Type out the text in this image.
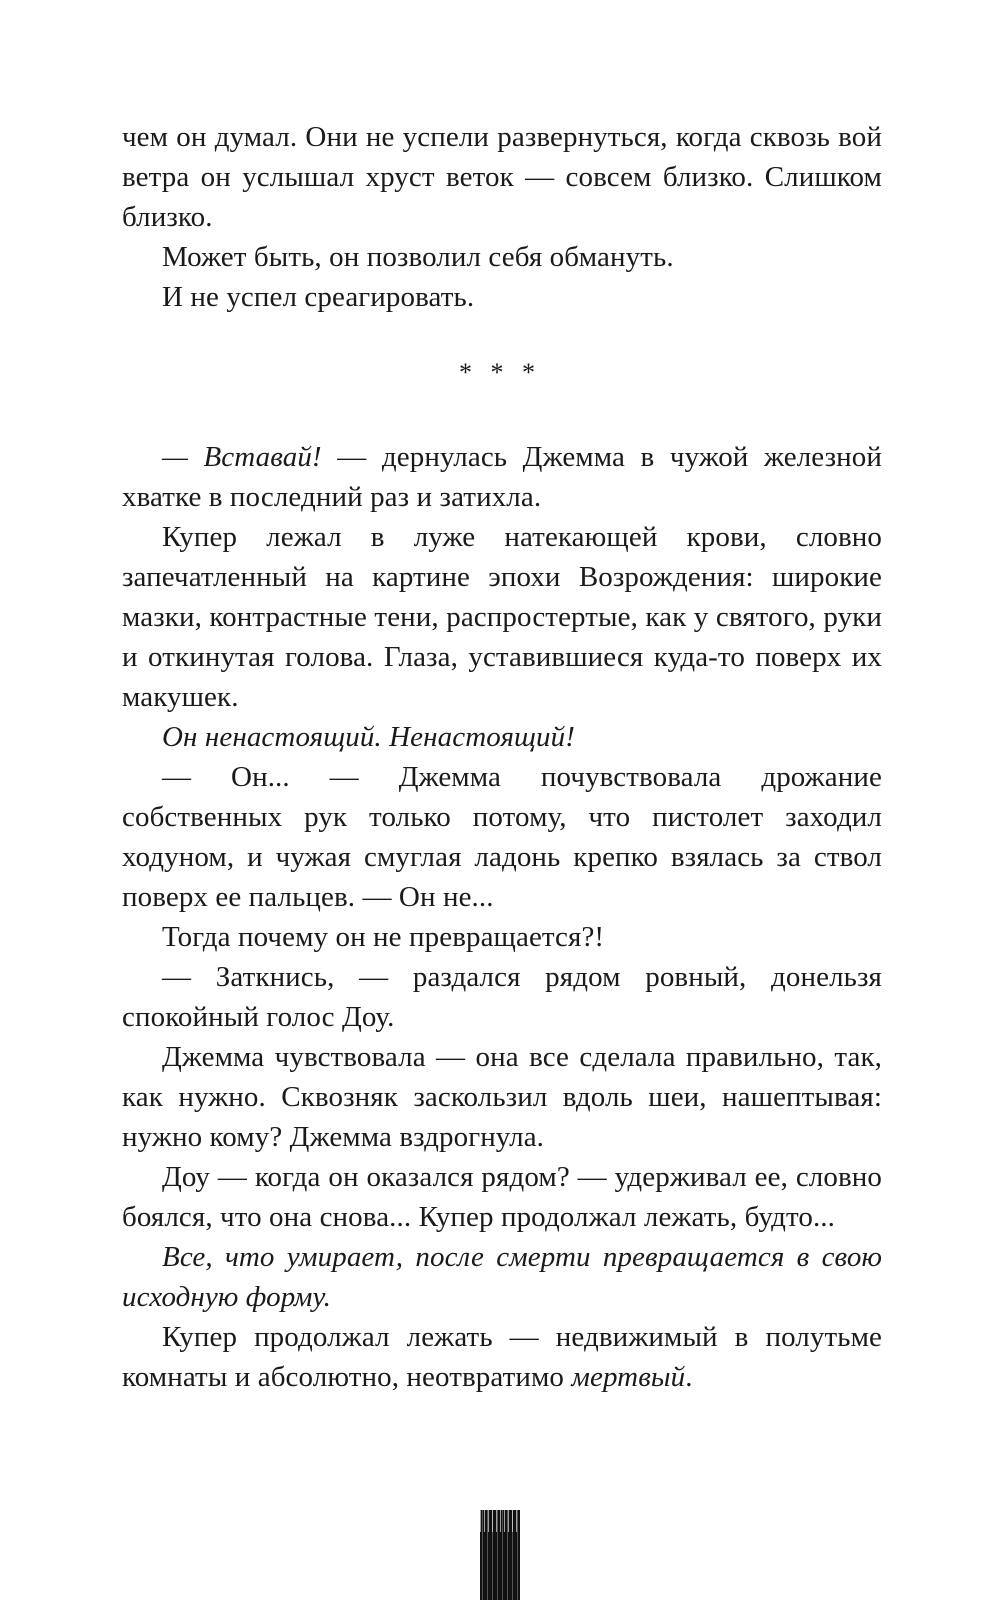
чем он думал. Они не успели развернуться, когда сквозь вой ветра он услышал хруст веток — совсем близко. Слишком близко.

Может быть, он позволил себя обмануть.

И не успел среагировать.

* * *

— Вставай! — дернулась Джемма в чужой железной хватке в последний раз и затихла.

Купер лежал в луже натекающей крови, словно запечатленный на картине эпохи Возрождения: широкие мазки, контрастные тени, распростертые, как у святого, руки и откинутая голова. Глаза, уставившиеся куда-то поверх их макушек.

Он ненастоящий. Ненастоящий!

— Он... — Джемма почувствовала дрожание собственных рук только потому, что пистолет заходил ходуном, и чужая смуглая ладонь крепко взялась за ствол поверх ее пальцев. — Он не...

Тогда почему он не превращается?!

— Заткнись, — раздался рядом ровный, донельзя спокойный голос Доу.

Джемма чувствовала — она все сделала правильно, так, как нужно. Сквозняк заскользил вдоль шеи, нашептывая: нужно кому? Джемма вздрогнула.

Доу — когда он оказался рядом? — удерживал ее, словно боялся, что она снова... Купер продолжал лежать, будто...

Все, что умирает, после смерти превращается в свою исходную форму.

Купер продолжал лежать — недвижимый в полутьме комнаты и абсолютно, неотвратимо мертвый.
